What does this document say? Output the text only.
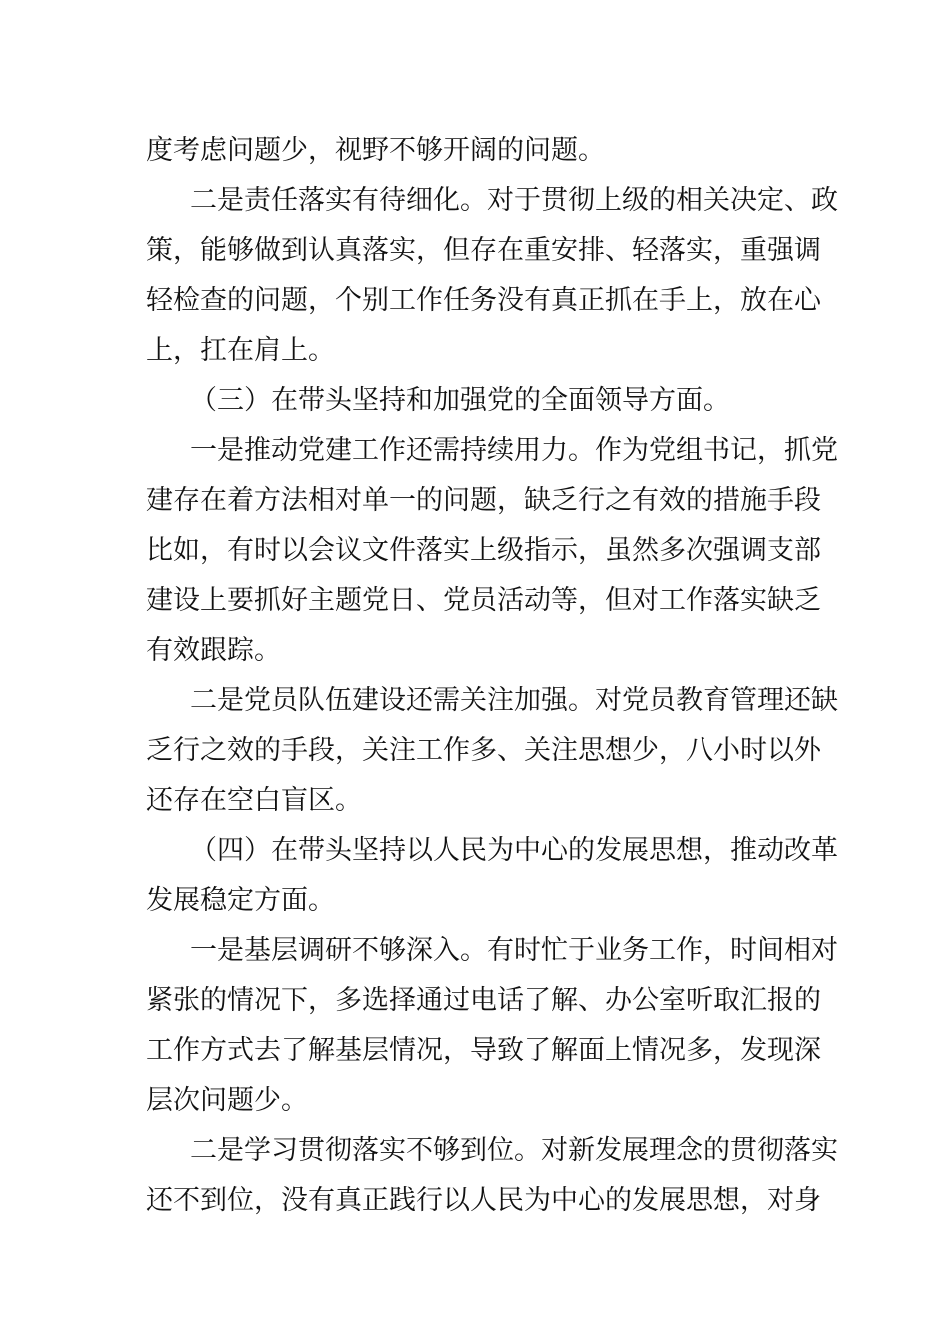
度考虑问题少，视野不够开阔的问题。
二是责任落实有待细化。对于贯彻上级的相关决定、政
策，能够做到认真落实，但存在重安排、轻落实，重强调
轻检查的问题，个别工作任务没有真正抓在手上，放在心
上，扛在肩上。
（三）在带头坚持和加强党的全面领导方面。
一是推动党建工作还需持续用力。作为党组书记，抓党
建存在着方法相对单一的问题，缺乏行之有效的措施手段
比如，有时以会议文件落实上级指示，虽然多次强调支部
建设上要抓好主题党日、党员活动等，但对工作落实缺乏
有效跟踪。
二是党员队伍建设还需关注加强。对党员教育管理还缺
乏行之效的手段，关注工作多、关注思想少，八小时以外
还存在空白盲区。
（四）在带头坚持以人民为中心的发展思想，推动改革
发展稳定方面。
一是基层调研不够深入。有时忙于业务工作，时间相对
紧张的情况下，多选择通过电话了解、办公室听取汇报的
工作方式去了解基层情况，导致了解面上情况多，发现深
层次问题少。
二是学习贯彻落实不够到位。对新发展理念的贯彻落实
还不到位，没有真正践行以人民为中心的发展思想，对身
